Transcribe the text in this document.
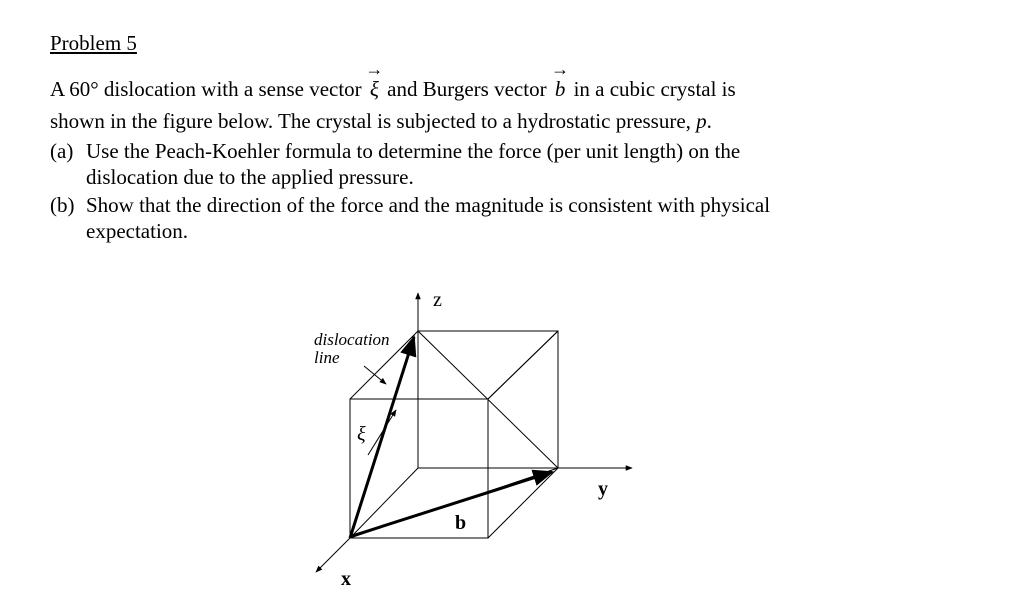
Problem 5
A 60° dislocation with a sense vector
→
ξ and Burgers vector
→
b in a cubic crystal is
shown in the figure below. The crystal is subjected to a hydrostatic pressure, p.
(a) Use the Peach-Koehler formula to determine the force (per unit length) on the
dislocation due to the applied pressure.
(b) Show that the direction of the force and the magnitude is consistent with physical
expectation.
z
y
x
b
ξ
dislocation
line
